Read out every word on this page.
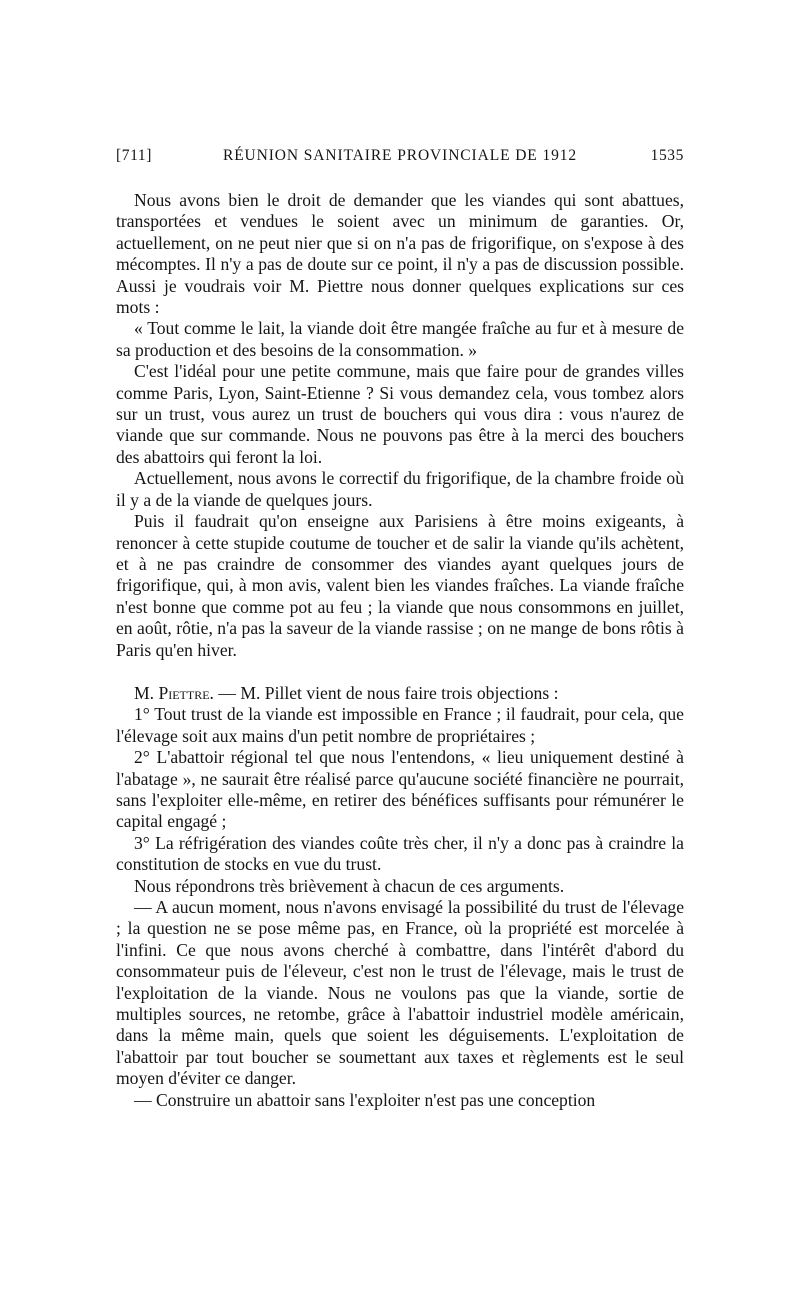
[711]	RÉUNION SANITAIRE PROVINCIALE DE 1912	1535

Nous avons bien le droit de demander que les viandes qui sont abattues, transportées et vendues le soient avec un minimum de garanties. Or, actuellement, on ne peut nier que si on n'a pas de frigorifique, on s'expose à des mécomptes. Il n'y a pas de doute sur ce point, il n'y a pas de discussion possible. Aussi je voudrais voir M. Piettre nous donner quelques explications sur ces mots :

« Tout comme le lait, la viande doit être mangée fraîche au fur et à mesure de sa production et des besoins de la consommation. »

C'est l'idéal pour une petite commune, mais que faire pour de grandes villes comme Paris, Lyon, Saint-Etienne ? Si vous demandez cela, vous tombez alors sur un trust, vous aurez un trust de bouchers qui vous dira : vous n'aurez de viande que sur commande. Nous ne pouvons pas être à la merci des bouchers des abattoirs qui feront la loi.

Actuellement, nous avons le correctif du frigorifique, de la chambre froide où il y a de la viande de quelques jours.

Puis il faudrait qu'on enseigne aux Parisiens à être moins exigeants, à renoncer à cette stupide coutume de toucher et de salir la viande qu'ils achètent, et à ne pas craindre de consommer des viandes ayant quelques jours de frigorifique, qui, à mon avis, valent bien les viandes fraîches. La viande fraîche n'est bonne que comme pot au feu ; la viande que nous consommons en juillet, en août, rôtie, n'a pas la saveur de la viande rassise ; on ne mange de bons rôtis à Paris qu'en hiver.

M. Piettre. — M. Pillet vient de nous faire trois objections :

1° Tout trust de la viande est impossible en France ; il faudrait, pour cela, que l'élevage soit aux mains d'un petit nombre de propriétaires ;

2° L'abattoir régional tel que nous l'entendons, « lieu uniquement destiné à l'abatage », ne saurait être réalisé parce qu'aucune société financière ne pourrait, sans l'exploiter elle-même, en retirer des bénéfices suffisants pour rémunérer le capital engagé ;

3° La réfrigération des viandes coûte très cher, il n'y a donc pas à craindre la constitution de stocks en vue du trust.

Nous répondrons très brièvement à chacun de ces arguments.

— A aucun moment, nous n'avons envisagé la possibilité du trust de l'élevage ; la question ne se pose même pas, en France, où la propriété est morcelée à l'infini. Ce que nous avons cherché à combattre, dans l'intérêt d'abord du consommateur puis de l'éleveur, c'est non le trust de l'élevage, mais le trust de l'exploitation de la viande. Nous ne voulons pas que la viande, sortie de multiples sources, ne retombe, grâce à l'abattoir industriel modèle américain, dans la même main, quels que soient les déguisements. L'exploitation de l'abattoir par tout boucher se soumettant aux taxes et règlements est le seul moyen d'éviter ce danger.

— Construire un abattoir sans l'exploiter n'est pas une conception
